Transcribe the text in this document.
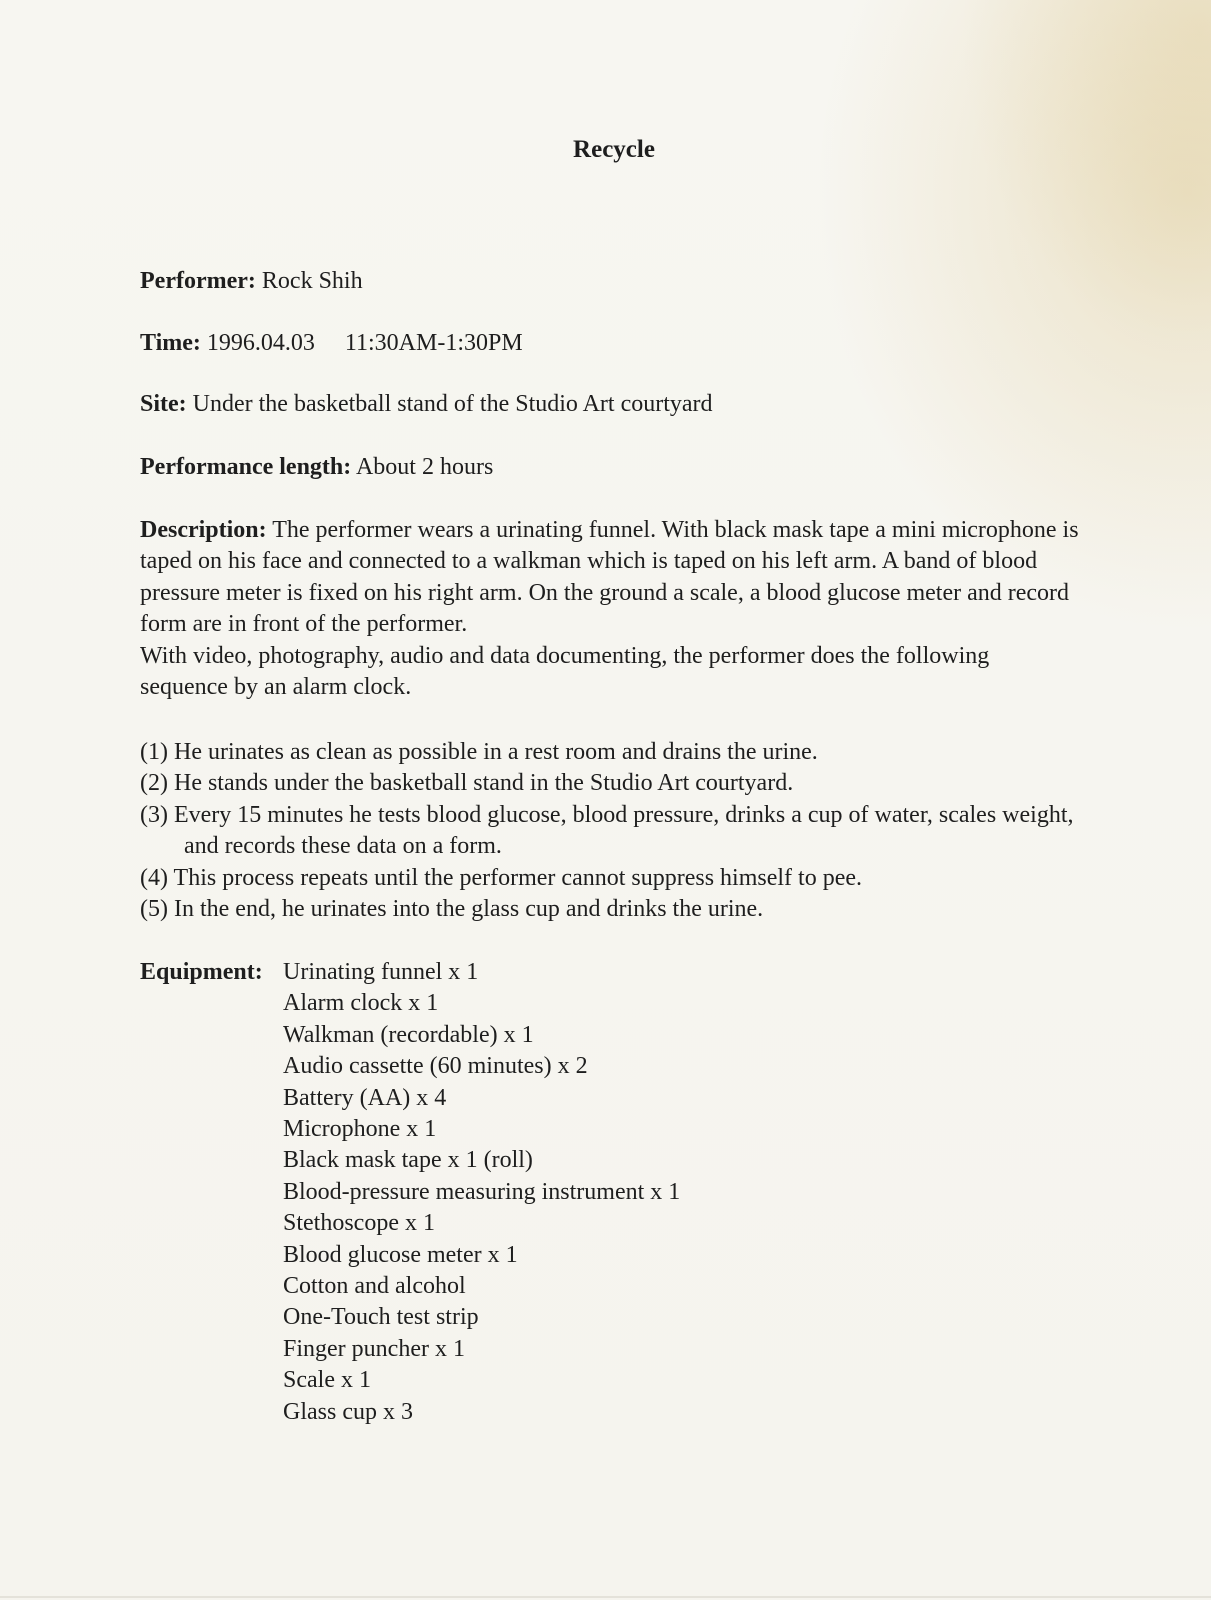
Recycle
Performer: Rock Shih
Time: 1996.04.03 11:30AM-1:30PM
Site: Under the basketball stand of the Studio Art courtyard
Performance length: About 2 hours

Description: The performer wears a urinating funnel. With black mask tape a mini microphone is taped on his face and connected to a walkman which is taped on his left arm. A band of blood pressure meter is fixed on his right arm. On the ground a scale, a blood glucose meter and record form are in front of the performer.

With video, photography, audio and data documenting, the performer does the following sequence by an alarm clock.

(1) He urinates as clean as possible in a rest room and drains the urine.
(2) He stands under the basketball stand in the Studio Art courtyard.
(3) Every 15 minutes he tests blood glucose, blood pressure, drinks a cup of water, scales weight, and records these data on a form.
(4) This process repeats until the performer cannot suppress himself to pee.
(5) In the end, he urinates into the glass cup and drinks the urine.
Equipment: Urinating funnel x 1
Alarm clock x 1
Walkman (recordable) x 1
Audio cassette (60 minutes) x 2
Battery (AA) x 4
Microphone x 1
Black mask tape x 1 (roll)
Blood-pressure measuring instrument x 1
Stethoscope x 1
Blood glucose meter x 1
Cotton and alcohol
One-Touch test strip
Finger puncher x 1
Scale x 1
Glass cup x 3
